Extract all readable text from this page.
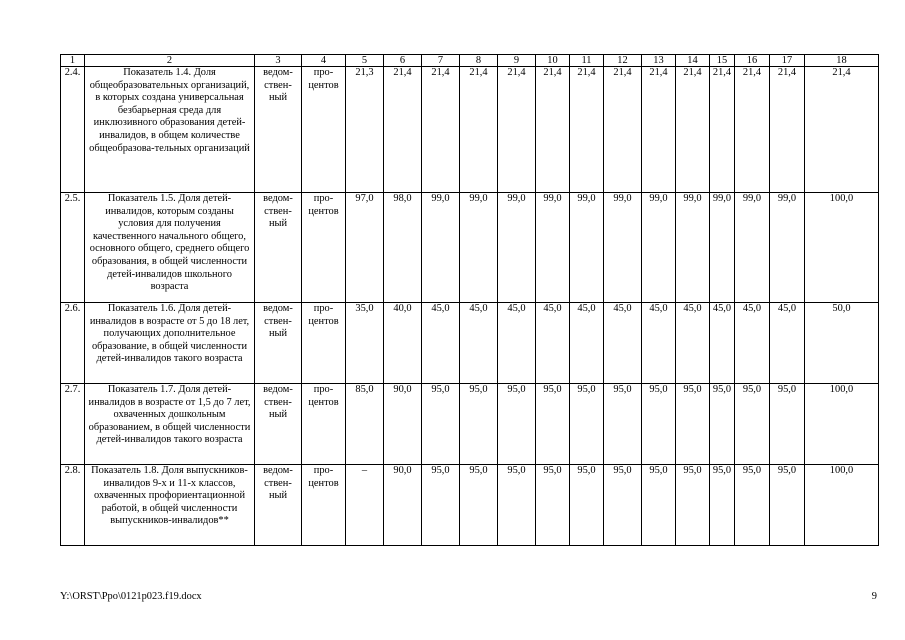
1	2	3	4	5	6	7	8	9	10	11	12	13	14	15	16	17	18
2.4.	Показатель 1.4. Доля общеобразовательных организаций, в которых создана универсальная безбарьерная среда для инклюзивного образования детей-инвалидов, в общем количестве общеобразова-тельных организаций	ведом-ствен-ный	про-центов	21,3	21,4	21,4	21,4	21,4	21,4	21,4	21,4	21,4	21,4	21,4	21,4	21,4	21,4
2.5.	Показатель 1.5. Доля детей-инвалидов, которым созданы условия для получения качественного начального общего, основного общего, среднего общего образования, в общей численности детей-инвалидов школьного возраста	ведом-ствен-ный	про-центов	97,0	98,0	99,0	99,0	99,0	99,0	99,0	99,0	99,0	99,0	99,0	99,0	99,0	100,0
2.6.	Показатель 1.6. Доля детей-инвалидов в возрасте от 5 до 18 лет, получающих дополнительное образование, в общей численности детей-инвалидов такого возраста	ведом-ствен-ный	про-центов	35,0	40,0	45,0	45,0	45,0	45,0	45,0	45,0	45,0	45,0	45,0	45,0	45,0	50,0
2.7.	Показатель 1.7. Доля детей-инвалидов в возрасте от 1,5 до 7 лет, охваченных дошкольным образованием, в общей численности детей-инвалидов такого возраста	ведом-ствен-ный	про-центов	85,0	90,0	95,0	95,0	95,0	95,0	95,0	95,0	95,0	95,0	95,0	95,0	95,0	100,0
2.8.	Показатель 1.8. Доля выпускников-инвалидов 9-х и 11-х классов, охваченных профориентационной работой, в общей численности выпускников-инвалидов**	ведом-ствен-ный	про-центов	–	90,0	95,0	95,0	95,0	95,0	95,0	95,0	95,0	95,0	95,0	95,0	95,0	100,0
Y:\ORST\Ppo\0121p023.f19.docx	9
